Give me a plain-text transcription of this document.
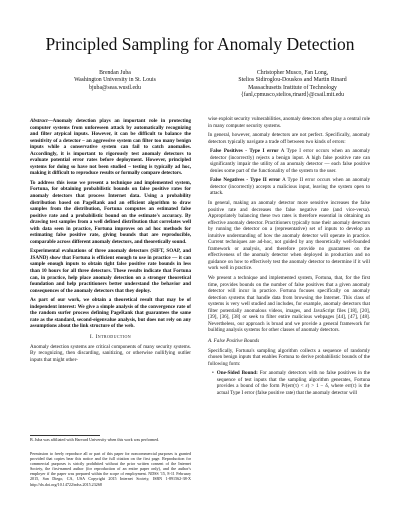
Principled Sampling for Anomaly Detection
Brendan Juba
Washington University in St. Louis
bjuba@seas.wustl.edu
Christopher Musco, Fan Long,
Stelios Sidiroglou-Douskos and Martin Rinard
Massachusetts Institute of Technology
{fanl,cpmusco,stelios,rinard}@csail.mit.edu

Abstract—Anomaly detection plays an important role in protecting computer systems from unforeseen attack by automatically recognizing and filter atypical inputs. However, it can be difficult to balance the sensitivity of a detector – an aggressive system can filter too many benign inputs while a conservative system can fail to catch anomalies. Accordingly, it is important to rigorously test anomaly detectors to evaluate potential error rates before deployment. However, principled systems for doing so have not been studied – testing is typically ad hoc, making it difficult to reproduce results or formally compare detectors.

To address this issue we present a technique and implemented system, Fortuna, for obtaining probabilistic bounds on false positive rates for anomaly detectors that process Internet data. Using a probability distribution based on PageRank and an efficient algorithm to draw samples from the distribution, Fortuna computes an estimated false positive rate and a probabilistic bound on the estimate's accuracy. By drawing test samples from a well defined distribution that correlates well with data seen in practice, Fortuna improves on ad hoc methods for estimating false positive rate, giving bounds that are reproducible, comparable across different anomaly detectors, and theoretically sound.

Experimental evaluations of three anomaly detectors (SIFT, SOAP, and JSAND) show that Fortuna is efficient enough to use in practice — it can sample enough inputs to obtain tight false positive rate bounds in less than 10 hours for all three detectors. These results indicate that Fortuna can, in practice, help place anomaly detection on a stronger theoretical foundation and help practitioners better understand the behavior and consequences of the anomaly detectors that they deploy.

As part of our work, we obtain a theoretical result that may be of independent interest: We give a simple analysis of the convergence rate of the random surfer process defining PageRank that guarantees the same rate as the standard, second-eigenvalue analysis, but does not rely on any assumptions about the link structure of the web.

I. Introduction

Anomaly detection systems are critical components of many security systems. By recognizing, then discarding, sanitizing, or otherwise nullifying outlier inputs that might other-

B. Juba was affiliated with Harvard University when this work was performed.
Permission to freely reproduce all or part of this paper for noncommercial purposes is granted provided that copies bear this notice and the full citation on the first page. Reproduction for commercial purposes is strictly prohibited without the prior written consent of the Internet Society, the first-named author (for reproduction of an entire paper only), and the author's employer if the paper was prepared within the scope of employment. NDSS '15, 8-11 February 2015, San Diego, CA, USA Copyright 2015 Internet Society, ISBN 1-891562-38-X http://dx.doi.org/10.14722/ndss.2015.23268

wise exploit security vulnerabilities, anomaly detectors often play a central role in many computer security systems.

In general, however, anomaly detectors are not perfect. Specifically, anomaly detectors typically navigate a trade off between two kinds of errors:

False Positives - Type I error A Type I error occurs when an anomaly detector (incorrectly) rejects a benign input. A high false positive rate can significantly impair the utility of an anomaly detector — each false positive denies some part of the functionality of the system to the user.

False Negatives - Type II error A Type II error occurs when an anomaly detector (incorrectly) accepts a malicious input, leaving the system open to attack.

In general, making an anomaly detector more sensitive increases the false positive rate and decreases the false negative rate (and vice-versa). Appropriately balancing these two rates is therefore essential in obtaining an effective anomaly detector. Practitioners typically tune their anomaly detectors by running the detector on a (representative) set of inputs to develop an intuitive understanding of how the anomaly detector will operate in practice. Current techniques are ad-hoc, not guided by any theoretically well-founded framework or analysis, and therefore provide no guarantees on the effectiveness of the anomaly detector when deployed in production and no guidance on how to effectively test the anomaly detector to determine if it will work well in practice.

We present a technique and implemented system, Fortuna, that, for the first time, provides bounds on the number of false positives that a given anomaly detector will incur in practice. Fortuna focuses specifically on anomaly detection systems that handle data from browsing the Internet. This class of systems is very well studied and includes, for example, anomaly detectors that filter potentially anomalous videos, images, and JavaScript files [18], [20], [39], [36], [38] or seek to filter entire malicious webpages [44], [47], [48]. Nevertheless, our approach is broad and we provide a general framework for building analysis systems for other classes of anomaly detectors.

A. False Positive Bounds

Specifically, Fortuna's sampling algorithm collects a sequence of randomly chosen benign inputs that enables Fortuna to derive probabilistic bounds of the following form:

• One-Sided Bound: For anomaly detectors with no false positives in the sequence of test inputs that the sampling algorithm generates, Fortuna provides a bound of the form Pr(err(τ) < ε) > 1 − δ, where err(τ) is the actual Type I error (false positive rate) that the anomaly detector will
